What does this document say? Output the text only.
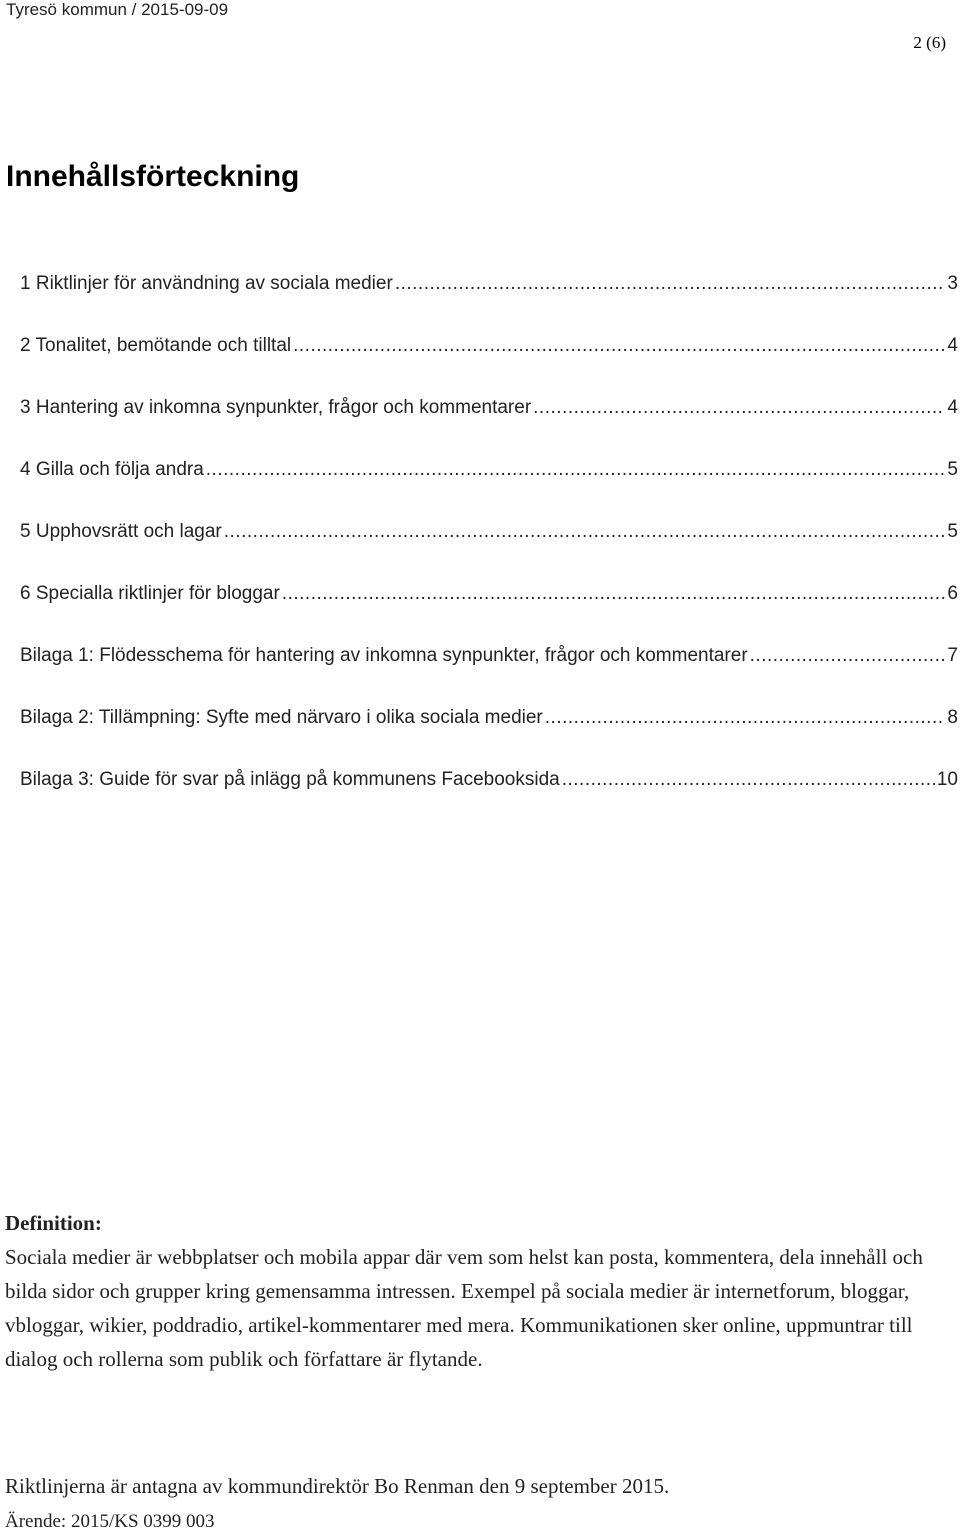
Tyresö kommun / 2015-09-09
2 (6)
Innehållsförteckning
1 Riktlinjer för användning av sociala medier .....	3
2 Tonalitet, bemötande och tilltal .....	4
3 Hantering av inkomna synpunkter, frågor och kommentarer .....	4
4 Gilla och följa andra .....	5
5 Upphovsrätt och lagar .....	5
6 Specialla riktlinjer för bloggar .....	6
Bilaga 1: Flödesschema för hantering av inkomna synpunkter, frågor och kommentarer .....	7
Bilaga 2: Tillämpning: Syfte med närvaro i olika sociala medier .....	8
Bilaga 3: Guide för svar på inlägg på kommunens Facebooksida .....	10
Definition:

Sociala medier är webbplatser och mobila appar där vem som helst kan posta, kommentera, dela innehåll och bilda sidor och grupper kring gemensamma intressen. Exempel på sociala medier är internetforum, bloggar, vbloggar, wikier, poddradio, artikel-kommentarer med mera. Kommunikationen sker online, uppmuntrar till dialog och rollerna som publik och författare är flytande.

Riktlinjerna är antagna av kommundirektör Bo Renman den 9 september 2015.
Ärende: 2015/KS 0399 003
